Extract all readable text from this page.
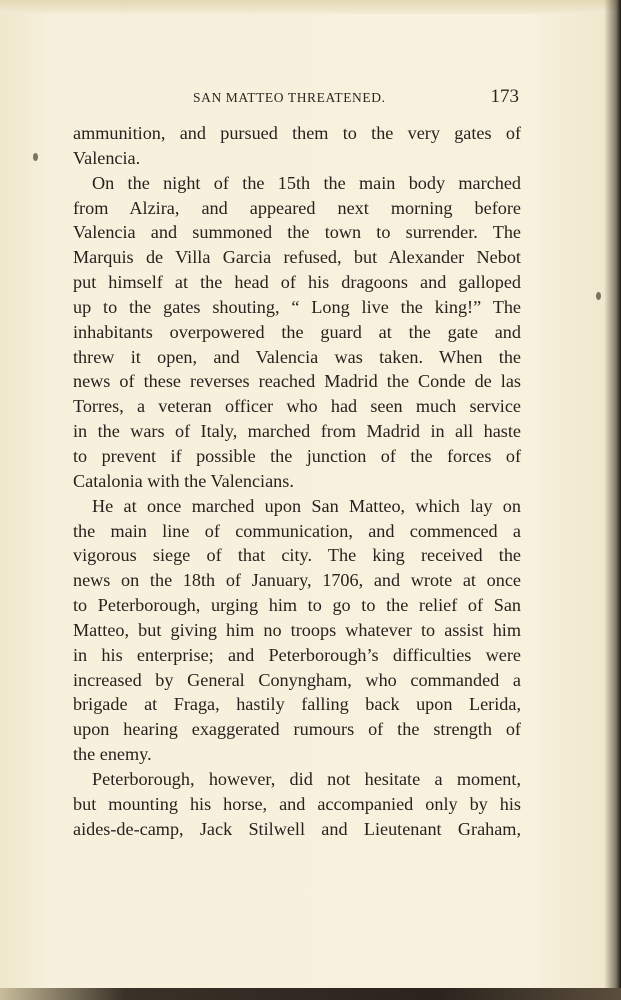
SAN MATTEO THREATENED.	173
ammunition, and pursued them to the very gates of
Valencia.
On the night of the 15th the main body marched
from Alzira, and appeared next morning before
Valencia and summoned the town to surrender. The
Marquis de Villa Garcia refused, but Alexander Nebot
put himself at the head of his dragoons and galloped
up to the gates shouting, “ Long live the king!” The
inhabitants overpowered the guard at the gate and
threw it open, and Valencia was taken. When the
news of these reverses reached Madrid the Conde de las
Torres, a veteran officer who had seen much service
in the wars of Italy, marched from Madrid in all haste
to prevent if possible the junction of the forces of
Catalonia with the Valencians.
He at once marched upon San Matteo, which lay on
the main line of communication, and commenced a
vigorous siege of that city. The king received the
news on the 18th of January, 1706, and wrote at once
to Peterborough, urging him to go to the relief of San
Matteo, but giving him no troops whatever to assist him
in his enterprise; and Peterborough’s difficulties were
increased by General Conyngham, who commanded a
brigade at Fraga, hastily falling back upon Lerida,
upon hearing exaggerated rumours of the strength of
the enemy.
Peterborough, however, did not hesitate a moment,
but mounting his horse, and accompanied only by his
aides-de-camp, Jack Stilwell and Lieutenant Graham,
